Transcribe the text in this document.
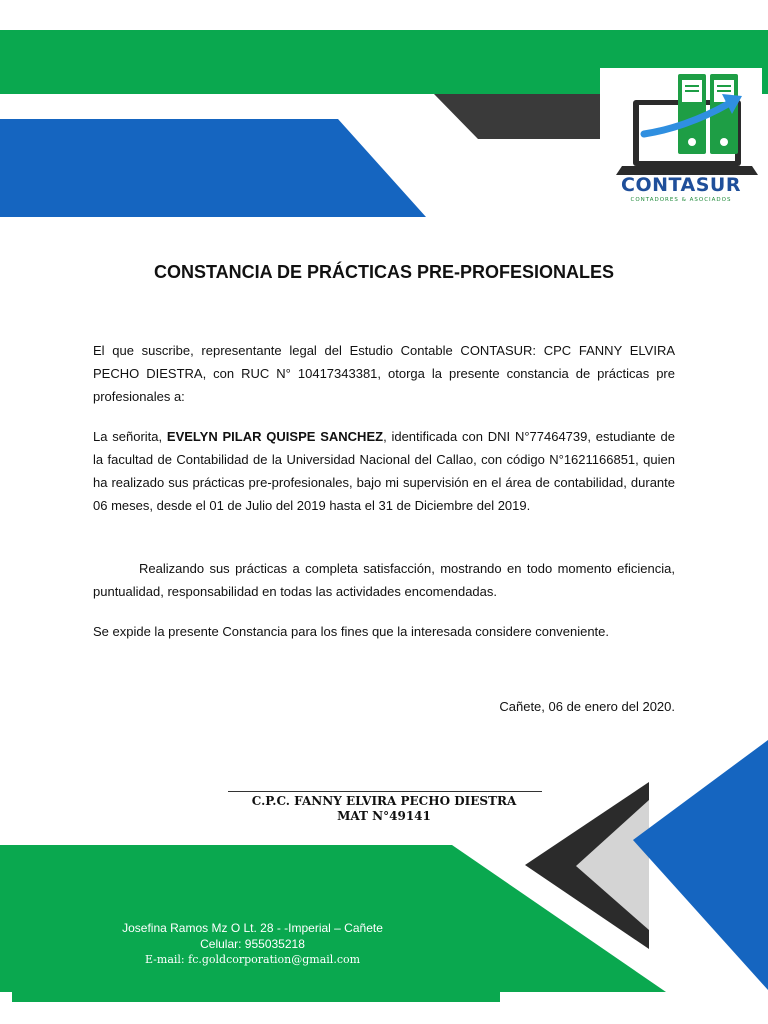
CONTASUR
CONTADORES & ASOCIADOS
CONSTANCIA DE PRÁCTICAS PRE-PROFESIONALES
El que suscribe, representante legal del Estudio Contable CONTASUR: CPC FANNY ELVIRA PECHO DIESTRA, con RUC N° 10417343381, otorga la presente constancia de prácticas pre profesionales a:
La señorita, EVELYN PILAR QUISPE SANCHEZ, identificada con DNI N°77464739, estudiante de la facultad de Contabilidad de la Universidad Nacional del Callao, con código N°1621166851, quien ha realizado sus prácticas pre-profesionales, bajo mi supervisión en el área de contabilidad, durante 06 meses, desde el 01 de Julio del 2019 hasta el 31 de Diciembre del 2019.
Realizando sus prácticas a completa satisfacción, mostrando en todo momento eficiencia, puntualidad, responsabilidad en todas las actividades encomendadas.
Se expide la presente Constancia para los fines que la interesada considere conveniente.
Cañete, 06 de enero del 2020.
C.P.C. FANNY ELVIRA PECHO DIESTRA
MAT N°49141
Josefina Ramos Mz O Lt. 28 - -Imperial – Cañete
Celular: 955035218
E-mail: fc.goldcorporation@gmail.com
